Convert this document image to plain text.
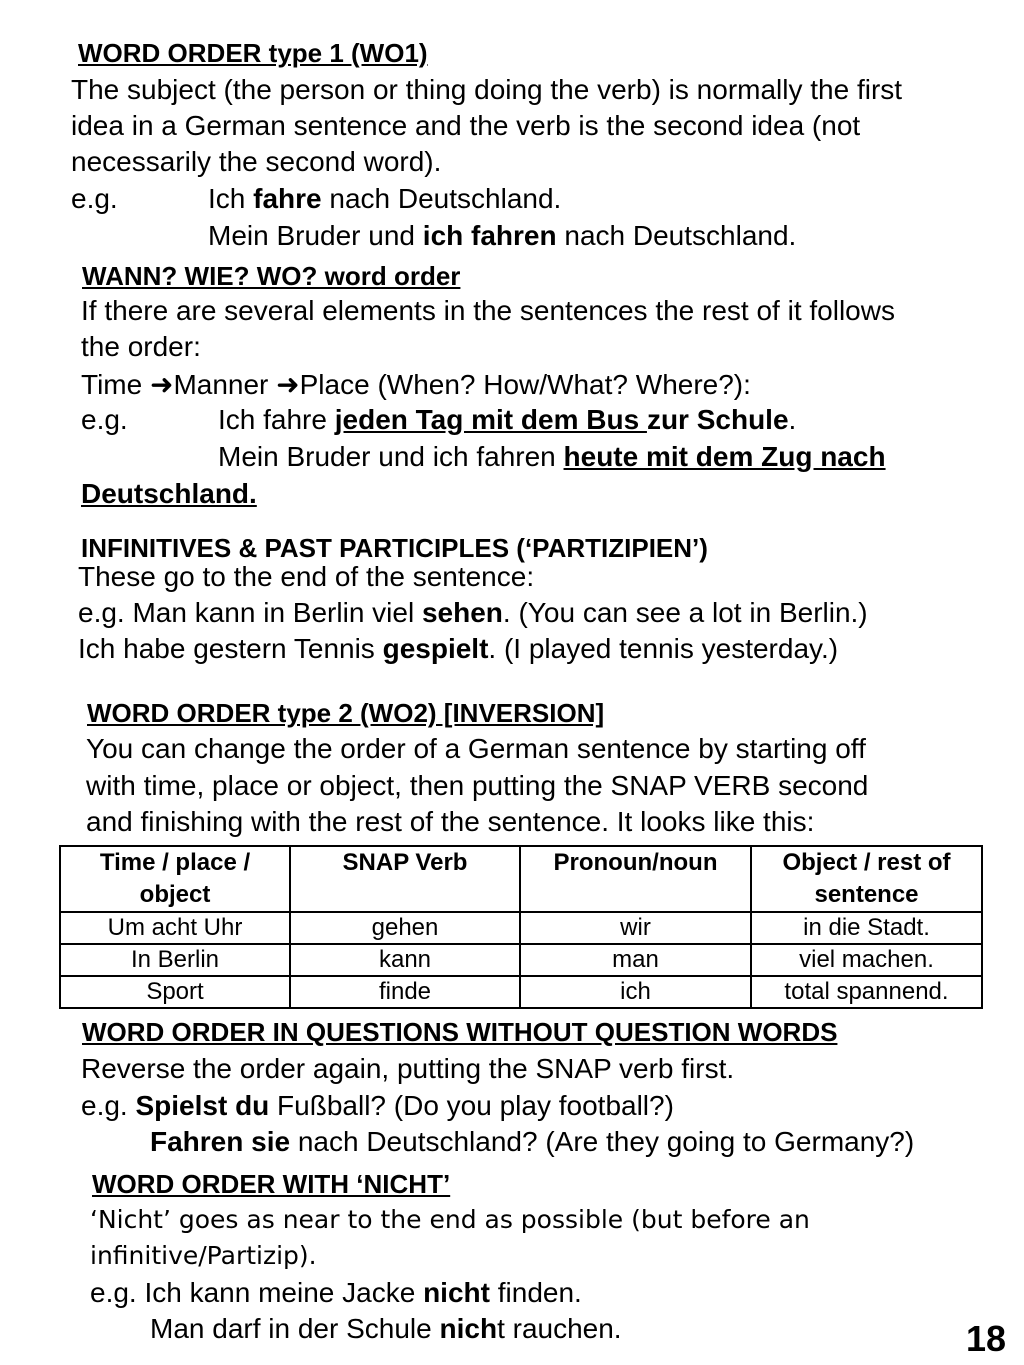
WORD ORDER type 1 (WO1)
The subject (the person or thing doing the verb) is normally the first
idea in a German sentence and the verb is the second idea (not
necessarily the second word).
e.g.	Ich fahre nach Deutschland.
Mein Bruder und ich fahren nach Deutschland.
WANN? WIE? WO? word order
If there are several elements in the sentences the rest of it follows
the order:
Time ➜Manner ➜Place (When? How/What? Where?):
e.g.	Ich fahre jeden Tag mit dem Bus zur Schule.
Mein Bruder und ich fahren heute mit dem Zug nach
Deutschland.
INFINITIVES & PAST PARTICIPLES (‘PARTIZIPIEN’)
These go to the end of the sentence:
e.g. Man kann in Berlin viel sehen. (You can see a lot in Berlin.)
Ich habe gestern Tennis gespielt. (I played tennis yesterday.)
WORD ORDER type 2 (WO2) [INVERSION]
You can change the order of a German sentence by starting off
with time, place or object, then putting the SNAP VERB second
and finishing with the rest of the sentence. It looks like this:
Time / place / object	SNAP Verb	Pronoun/noun	Object / rest of sentence
Um acht Uhr	gehen	wir	in die Stadt.
In Berlin	kann	man	viel machen.
Sport	finde	ich	total spannend.
WORD ORDER IN QUESTIONS WITHOUT QUESTION WORDS
Reverse the order again, putting the SNAP verb first.
e.g. Spielst du Fußball? (Do you play football?)
Fahren sie nach Deutschland? (Are they going to Germany?)
WORD ORDER WITH ‘NICHT’
‘Nicht’ goes as near to the end as possible (but before an
infinitive/Partizip).
e.g. Ich kann meine Jacke nicht finden.
Man darf in der Schule nicht rauchen.	18
